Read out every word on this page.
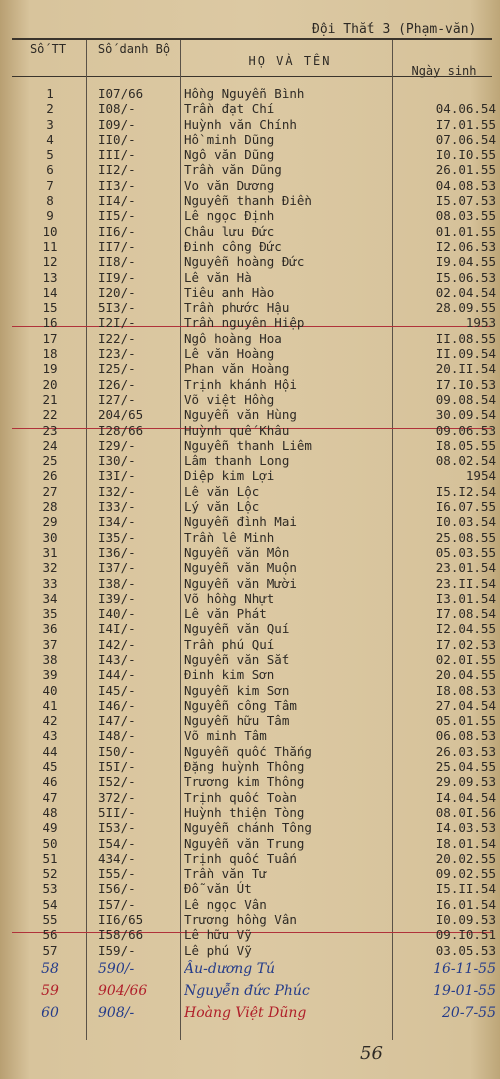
Đội Thắt 3 (Phạm-văn)
Số TT	Số danh Bộ
HỌ VÀ TÊN
Ngày sinh
1	I07/66	Hồng Nguyễn Bình
2	I08/-	Trần đạt Chí	04.06.54
3	I09/-	Huỳnh văn Chính	I7.01.55
4	II0/-	Hồ minh Dũng	07.06.54
5	III/-	Ngô văn Dũng	I0.I0.55
6	II2/-	Trần văn Dũng	26.01.55
7	II3/-	Vo văn Dương	04.08.53
8	II4/-	Nguyễn thanh Điền	I5.07.53
9	II5/-	Lê ngọc Định	08.03.55
10	II6/-	Châu lưu Đức	01.01.55
11	II7/-	Đinh công Đức	I2.06.53
12	II8/-	Nguyễn hoàng Đức	I9.04.55
13	II9/-	Lê văn Hà	I5.06.53
14	I20/-	Tiêu anh Hào	02.04.54
15	5I3/-	Trần phước Hậu	28.09.55
16	I2I/-	Trần nguyên Hiệp	1953
17	I22/-	Ngô hoàng Hoa	II.08.55
18	I23/-	Lê văn Hoàng	II.09.54
19	I25/-	Phan văn Hoàng	20.II.54
20	I26/-	Trịnh khánh Hội	I7.I0.53
21	I27/-	Võ việt Hồng	09.08.54
22	204/65	Nguyễn văn Hùng	30.09.54
23	I28/66	Huỳnh quế Khâu	09.06.53
24	I29/-	Nguyễn thanh Liêm	I8.05.55
25	I30/-	Lâm thanh Long	08.02.54
26	I3I/-	Diệp kim Lợi	1954
27	I32/-	Lê văn Lộc	I5.I2.54
28	I33/-	Lý văn Lộc	I6.07.55
29	I34/-	Nguyễn đình Mai	I0.03.54
30	I35/-	Trần lê Minh	25.08.55
31	I36/-	Nguyễn văn Môn	05.03.55
32	I37/-	Nguyễn văn Muộn	23.01.54
33	I38/-	Nguyễn văn Mười	23.II.54
34	I39/-	Võ hồng Nhựt	I3.01.54
35	I40/-	Lê văn Phát	I7.08.54
36	I4I/-	Nguyễn văn Quí	I2.04.55
37	I42/-	Trần phú Quí	I7.02.53
38	I43/-	Nguyễn văn Sắt	02.0I.55
39	I44/-	Đinh kim Sơn	20.04.55
40	I45/-	Nguyễn kim Sơn	I8.08.53
41	I46/-	Nguyễn công Tâm	27.04.54
42	I47/-	Nguyễn hữu Tâm	05.01.55
43	I48/-	Võ minh Tâm	06.08.53
44	I50/-	Nguyễn quốc Thắng	26.03.53
45	I5I/-	Đặng huỳnh Thông	25.04.55
46	I52/-	Trương kim Thông	29.09.53
47	372/-	Trịnh quốc Toàn	I4.04.54
48	5II/-	Huỳnh thiện Tòng	08.0I.56
49	I53/-	Nguyễn chánh Tông	I4.03.53
50	I54/-	Nguyễn văn Trung	I8.01.54
51	434/-	Trịnh quốc Tuấn	20.02.55
52	I55/-	Trần văn Tư	09.02.55
53	I56/-	Đỗ văn Út	I5.II.54
54	I57/-	Lê ngọc Vân	I6.01.54
55	II6/65	Trương hồng Vân	I0.09.53
56	I58/66	Lê hữu Vỹ	09.I0.51
57	I59/-	Lê phú Vỹ	03.05.53
58	590/-	Âu-dương Tú	16-11-55
59	904/66	Nguyễn đức Phúc	19-01-55
60	908/-	Hoàng Việt Dũng	20-7-55
56
